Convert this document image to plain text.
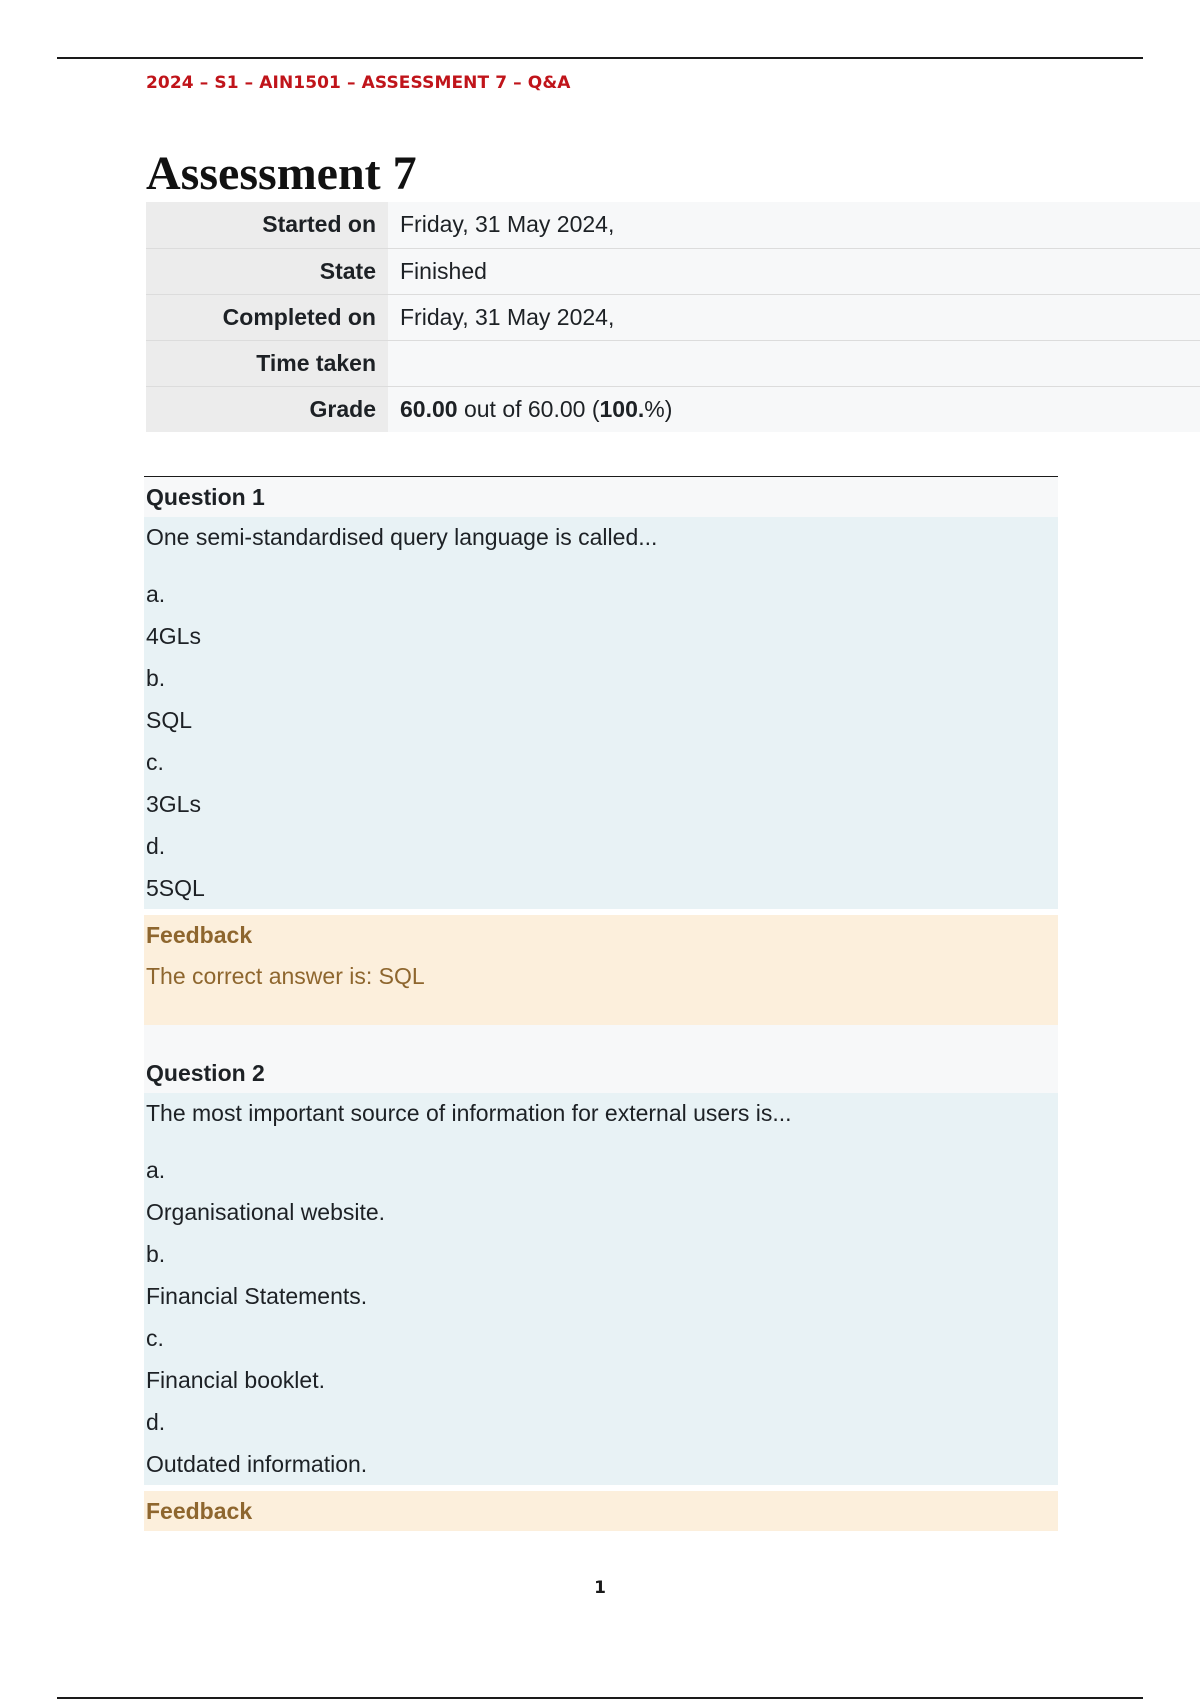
2024 – S1 – AIN1501 – ASSESSMENT 7 – Q&A
Assessment 7
Started on	Friday, 31 May 2024,
State	Finished
Completed on	Friday, 31 May 2024,
Time taken	
Grade	60.00 out of 60.00 (100.%)
Question 1
One semi-standardised query language is called...
a.
4GLs
b.
SQL
c.
3GLs
d.
5SQL
Feedback
The correct answer is: SQL
Question 2
The most important source of information for external users is...
a.
Organisational website.
b.
Financial Statements.
c.
Financial booklet.
d.
Outdated information.
Feedback
1
